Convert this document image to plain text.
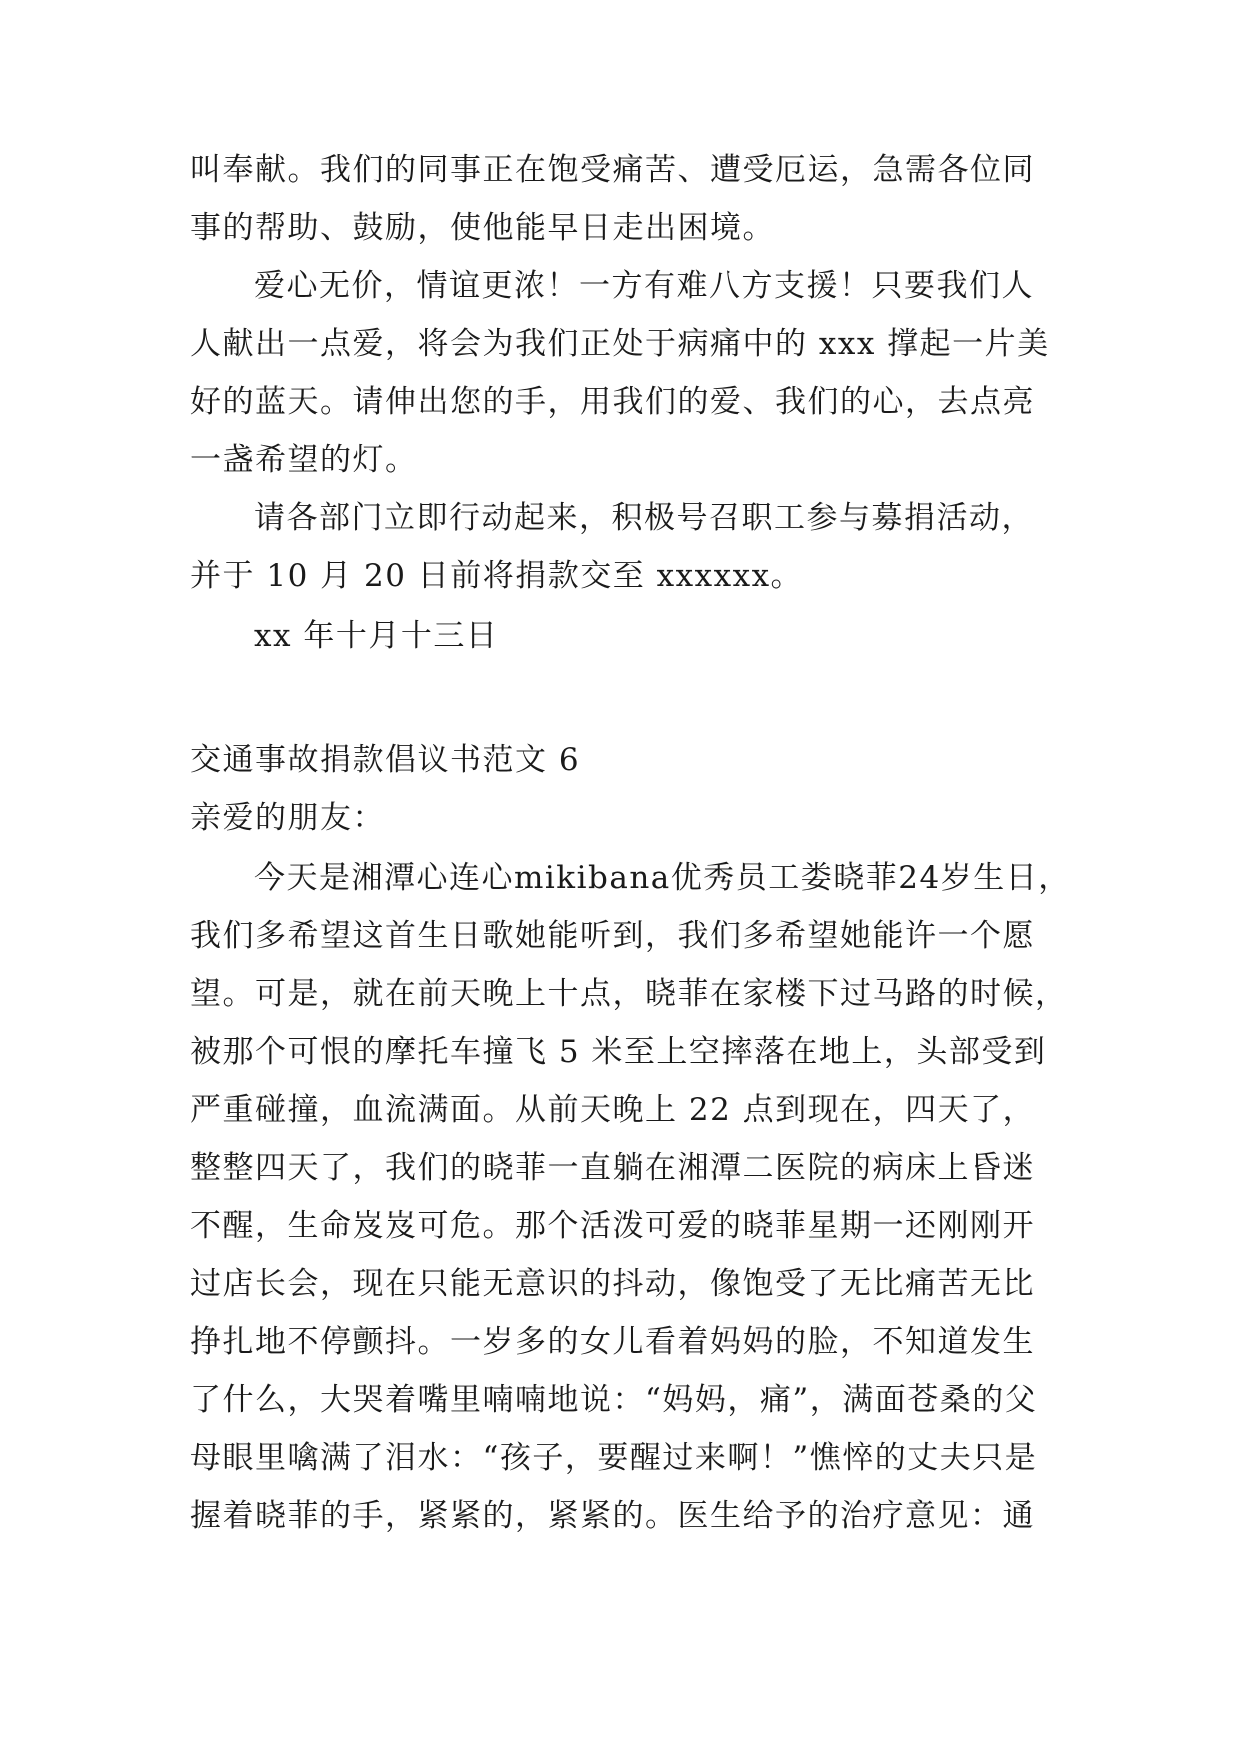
叫奉献。我们的同事正在饱受痛苦、遭受厄运，急需各位同
事的帮助、鼓励，使他能早日走出困境。
爱心无价，情谊更浓！一方有难八方支援！只要我们人
人献出一点爱，将会为我们正处于病痛中的 xxx 撑起一片美
好的蓝天。请伸出您的手，用我们的爱、我们的心，去点亮
一盏希望的灯。
请各部门立即行动起来，积极号召职工参与募捐活动，
并于 10 月 20 日前将捐款交至 xxxxxx。
xx 年十月十三日
交通事故捐款倡议书范文 6
亲爱的朋友：
今天是湘潭心连心mikibana优秀员工娄晓菲24岁生日，
我们多希望这首生日歌她能听到，我们多希望她能许一个愿
望。可是，就在前天晚上十点，晓菲在家楼下过马路的时候，
被那个可恨的摩托车撞飞 5 米至上空摔落在地上，头部受到
严重碰撞，血流满面。从前天晚上 22 点到现在，四天了，
整整四天了，我们的晓菲一直躺在湘潭二医院的病床上昏迷
不醒，生命岌岌可危。那个活泼可爱的晓菲星期一还刚刚开
过店长会，现在只能无意识的抖动，像饱受了无比痛苦无比
挣扎地不停颤抖。一岁多的女儿看着妈妈的脸，不知道发生
了什么，大哭着嘴里喃喃地说：“妈妈，痛”，满面苍桑的父
母眼里噙满了泪水：“孩子，要醒过来啊！”憔悴的丈夫只是
握着晓菲的手，紧紧的，紧紧的。医生给予的治疗意见：通
